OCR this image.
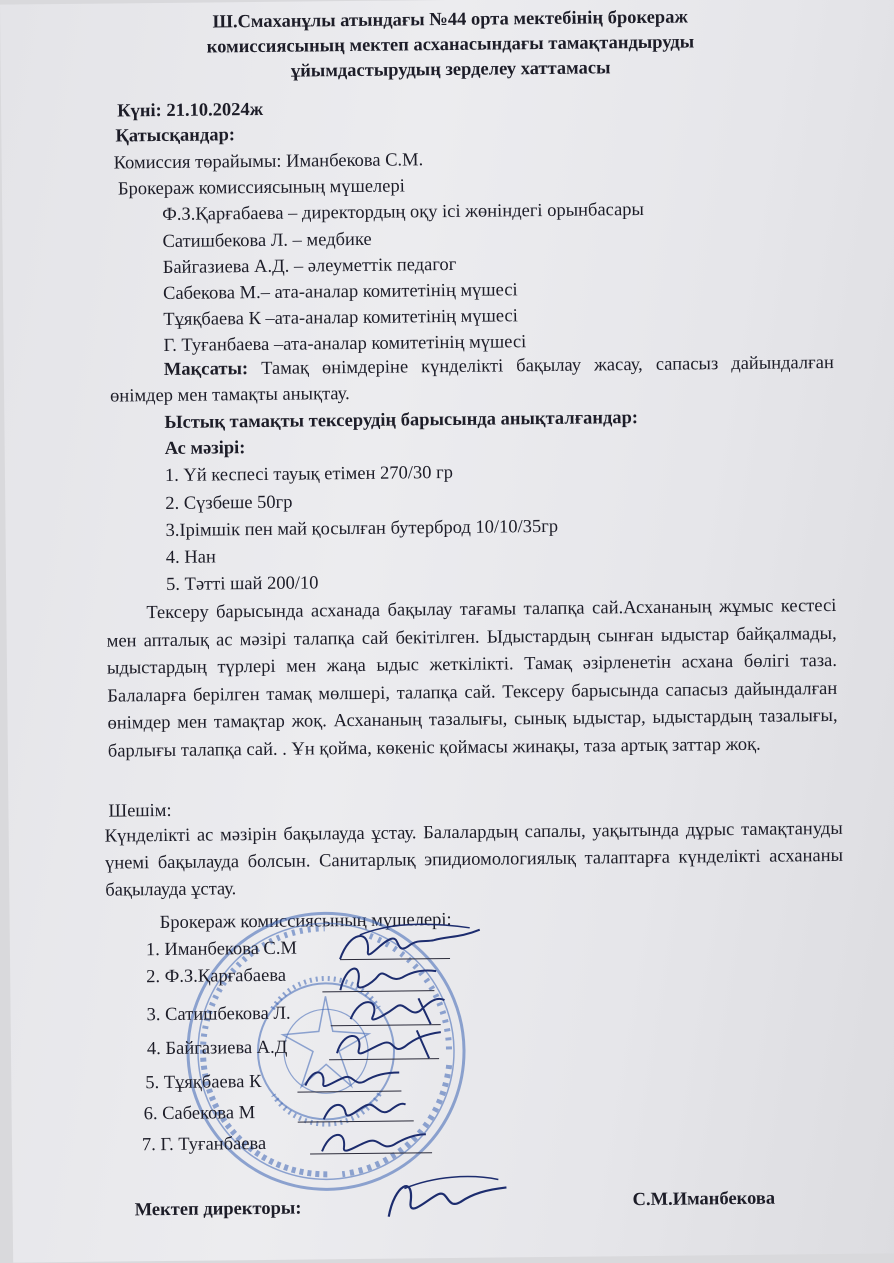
Ш.Смаханұлы атындағы №44 орта мектебінің брокераж
комиссиясының мектеп асханасындағы тамақтандыруды
ұйымдастырудың зерделеу хаттамасы
Күні: 21.10.2024ж
Қатысқандар:
Комиссия төрайымы: Иманбекова С.М.
Брокераж комиссиясының мүшелері
Ф.З.Қарғабаева – директордың оқу ісі жөніндегі орынбасары
Сатишбекова Л. – медбике
Байгазиева А.Д. – әлеуметтік педагог
Сабекова М.– ата-аналар комитетінің мүшесі
Тұяқбаева К –ата-аналар комитетінің мүшесі
Г. Туғанбаева –ата-аналар комитетінің мүшесі
Мақсаты: Тамақ өнімдеріне күнделікті бақылау жасау, сапасыз дайындалған өнімдер мен тамақты анықтау.
Ыстық тамақты тексерудің барысында анықталғандар:
Ас мәзірі:
1. Үй кеспесі тауық етімен 270/30 гр
2. Сүзбеше 50гр
3.Ірімшік пен май қосылған бутерброд 10/10/35гр
4. Нан
5. Тәтті шай 200/10
Тексеру барысында асханада бақылау тағамы талапқа сай.Асхананың жұмыс кестесі мен апталық ас мәзірі талапқа сай бекітілген. Ыдыстардың сынған ыдыстар байқалмады, ыдыстардың түрлері мен жаңа ыдыс жеткілікті. Тамақ әзірленетін асхана бөлігі таза. Балаларға берілген тамақ мөлшері, талапқа сай. Тексеру барысында сапасыз дайындалған өнімдер мен тамақтар жоқ. Асхананың тазалығы, сынық ыдыстар, ыдыстардың тазалығы, барлығы талапқа сай. . Ұн қойма, көкеніс қоймасы жинақы, таза артық заттар жоқ.
Шешім:
Күнделікті ас мәзірін бақылауда ұстау. Балалардың сапалы, уақытында дұрыс тамақтануды үнемі бақылауда болсын. Санитарлық эпидиомологиялық талаптарға күнделікті асхананы бақылауда ұстау.
Брокераж комиссиясының мүшелері:
1. Иманбекова С.М
2. Ф.З.Қарғабаева
3. Сатишбекова Л.
4. Байгазиева А.Д
5. Тұяқбаева К
6. Сабекова М
7. Г. Туғанбаева
Мектеп директоры:	С.М.Иманбекова
